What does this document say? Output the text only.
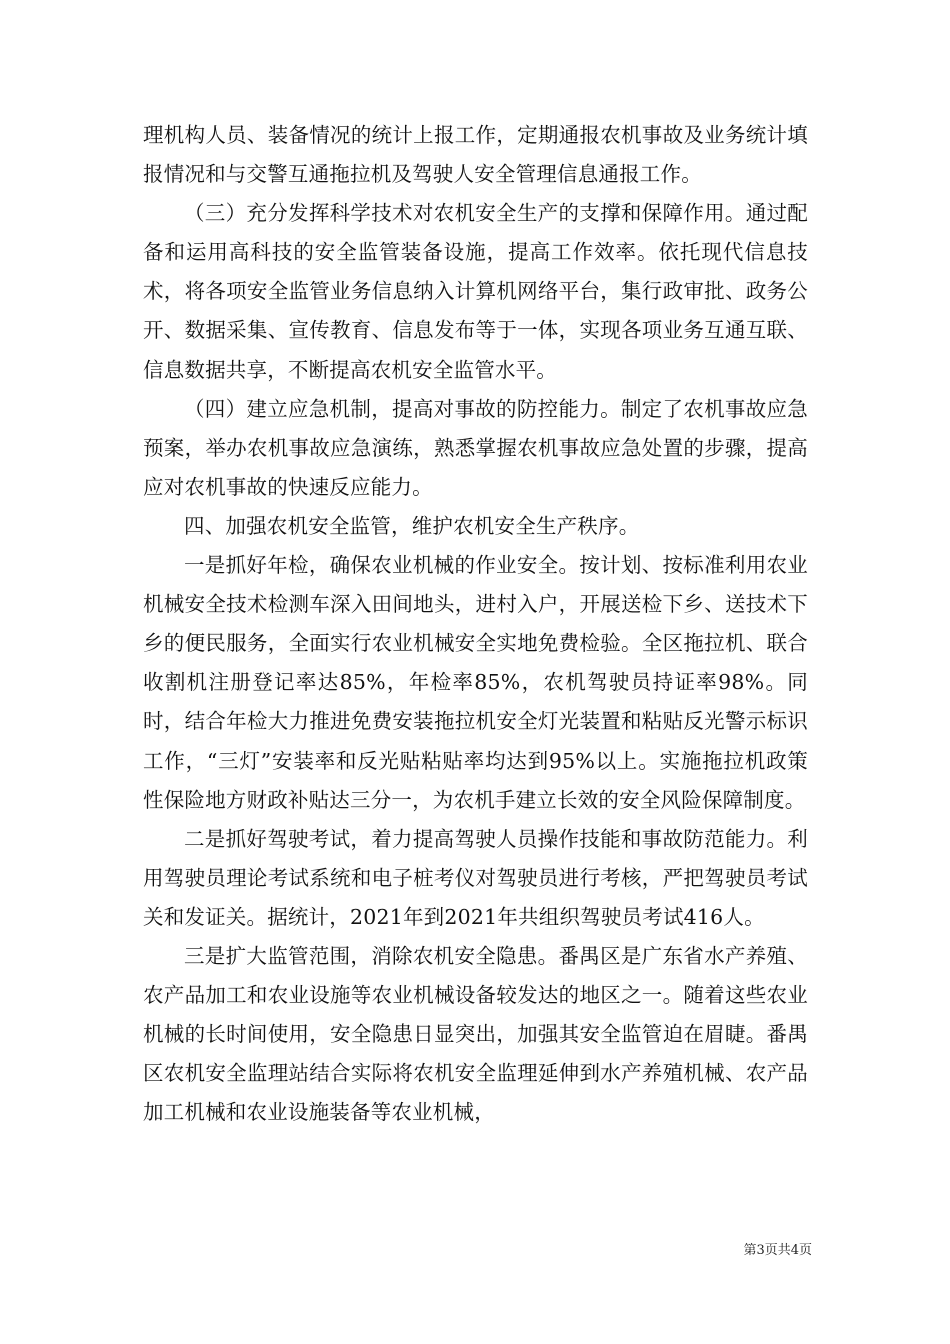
理机构人员、装备情况的统计上报工作，定期通报农机事故及业务统计填报情况和与交警互通拖拉机及驾驶人安全管理信息通报工作。

（三）充分发挥科学技术对农机安全生产的支撑和保障作用。通过配备和运用高科技的安全监管装备设施，提高工作效率。依托现代信息技术，将各项安全监管业务信息纳入计算机网络平台，集行政审批、政务公开、数据采集、宣传教育、信息发布等于一体，实现各项业务互通互联、信息数据共享，不断提高农机安全监管水平。

（四）建立应急机制，提高对事故的防控能力。制定了农机事故应急预案，举办农机事故应急演练，熟悉掌握农机事故应急处置的步骤，提高应对农机事故的快速反应能力。

四、加强农机安全监管，维护农机安全生产秩序。

一是抓好年检，确保农业机械的作业安全。按计划、按标准利用农业机械安全技术检测车深入田间地头，进村入户，开展送检下乡、送技术下乡的便民服务，全面实行农业机械安全实地免费检验。全区拖拉机、联合收割机注册登记率达85%，年检率85%，农机驾驶员持证率98%。同时，结合年检大力推进免费安装拖拉机安全灯光装置和粘贴反光警示标识工作，“三灯”安装率和反光贴粘贴率均达到95%以上。实施拖拉机政策性保险地方财政补贴达三分一，为农机手建立长效的安全风险保障制度。

二是抓好驾驶考试，着力提高驾驶人员操作技能和事故防范能力。利用驾驶员理论考试系统和电子桩考仪对驾驶员进行考核，严把驾驶员考试关和发证关。据统计，2021年到2021年共组织驾驶员考试416人。

三是扩大监管范围，消除农机安全隐患。番禺区是广东省水产养殖、农产品加工和农业设施等农业机械设备较发达的地区之一。随着这些农业机械的长时间使用，安全隐患日显突出，加强其安全监管迫在眉睫。番禺区农机安全监理站结合实际将农机安全监理延伸到水产养殖机械、农产品加工机械和农业设施装备等农业机械，

第3页共4页
